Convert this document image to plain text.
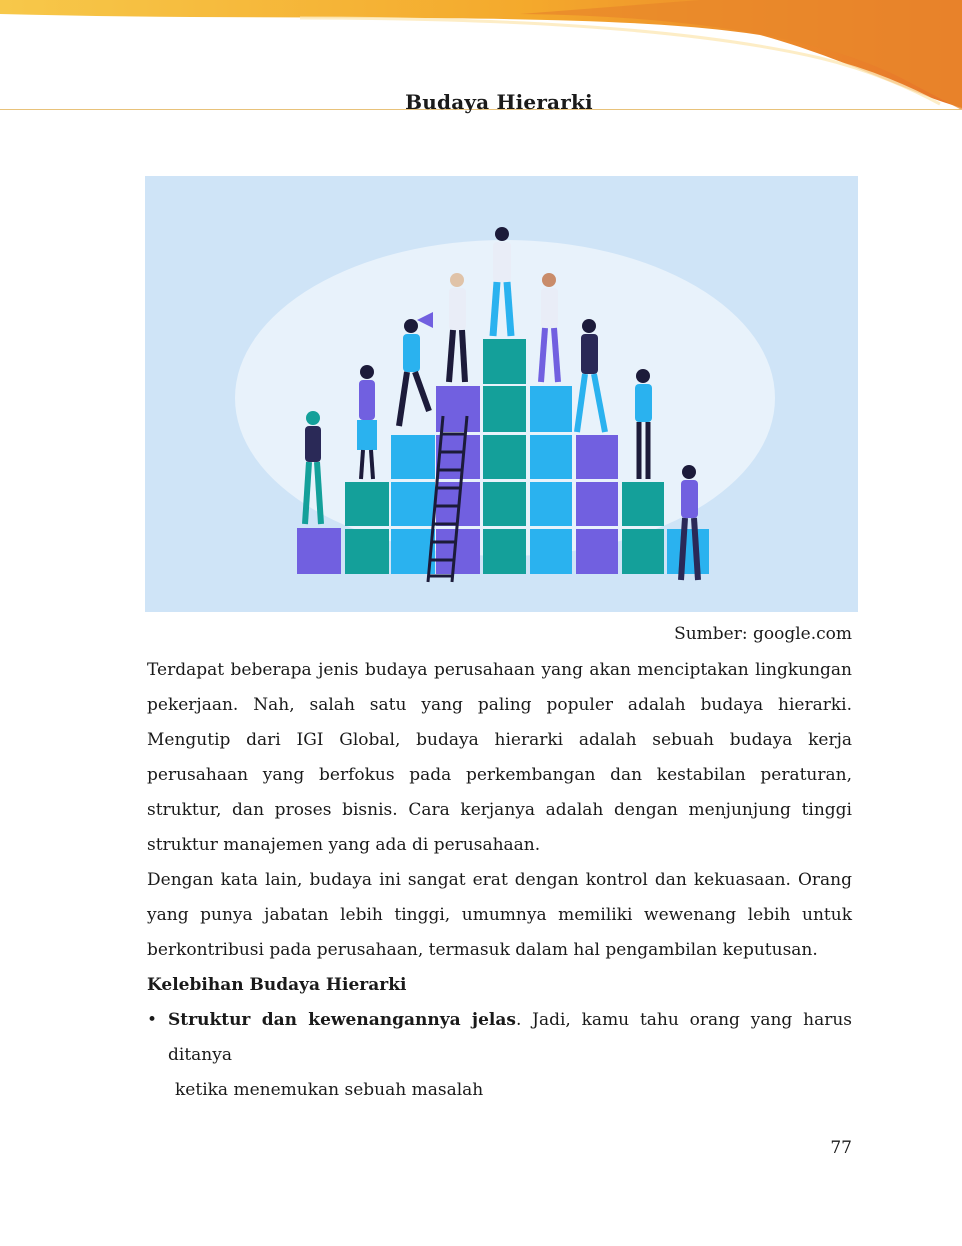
Budaya Hierarki
Sumber: google.com

Terdapat beberapa jenis budaya perusahaan yang akan menciptakan lingkungan pekerjaan. Nah, salah satu yang paling populer adalah budaya hierarki. Mengutip dari IGI Global, budaya hierarki adalah sebuah budaya kerja perusahaan yang berfokus pada perkembangan dan kestabilan peraturan, struktur, dan proses bisnis. Cara kerjanya adalah dengan menjunjung tinggi struktur manajemen yang ada di perusahaan.

Dengan kata lain, budaya ini sangat erat dengan kontrol dan kekuasaan. Orang yang punya jabatan lebih tinggi, umumnya memiliki wewenang lebih untuk berkontribusi pada perusahaan, termasuk dalam hal pengambilan keputusan.

Kelebihan Budaya Hierarki

• Struktur dan kewenangannya jelas. Jadi, kamu tahu orang yang harus ditanya
ketika menemukan sebuah masalah
77
